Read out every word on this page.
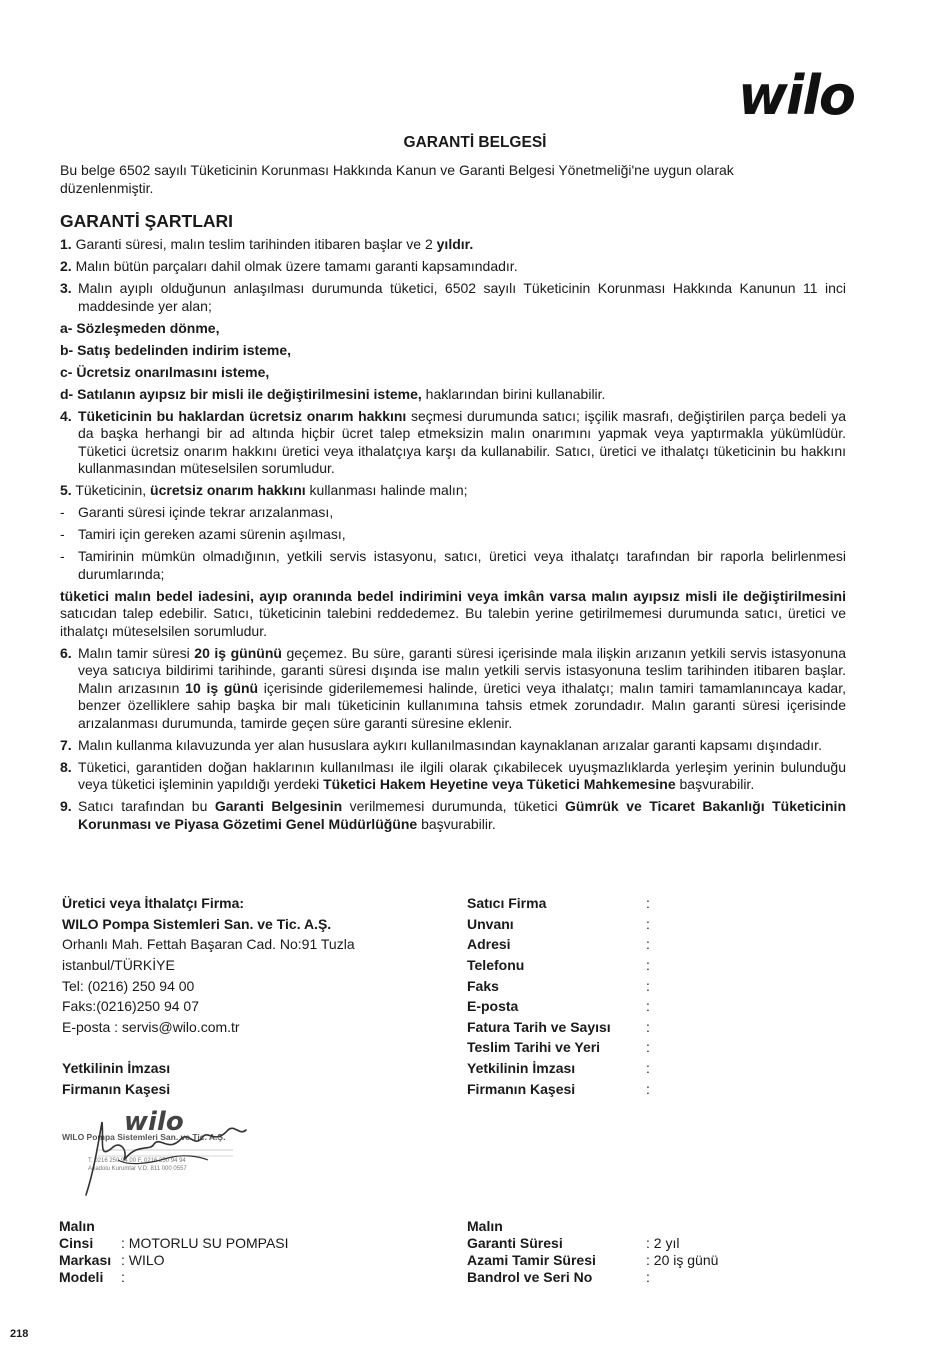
wilo
GARANTİ BELGESİ
Bu belge 6502 sayılı Tüketicinin Korunması Hakkında Kanun ve Garanti Belgesi Yönetmeliği'ne uygun olarak düzenlenmiştir.
GARANTİ ŞARTLARI

1. Garanti süresi, malın teslim tarihinden itibaren başlar ve 2 yıldır.

2. Malın bütün parçaları dahil olmak üzere tamamı garanti kapsamındadır.

3. Malın ayıplı olduğunun anlaşılması durumunda tüketici, 6502 sayılı Tüketicinin Korunması Hakkında Kanunun 11 inci maddesinde yer alan;

a- Sözleşmeden dönme,

b- Satış bedelinden indirim isteme,

c- Ücretsiz onarılmasını isteme,

d- Satılanın ayıpsız bir misli ile değiştirilmesini isteme, haklarından birini kullanabilir.

4. Tüketicinin bu haklardan ücretsiz onarım hakkını seçmesi durumunda satıcı; işçilik masrafı, değiştirilen parça bedeli ya da başka herhangi bir ad altında hiçbir ücret talep etmeksizin malın onarımını yapmak veya yaptırmakla yükümlüdür. Tüketici ücretsiz onarım hakkını üretici veya ithalatçıya karşı da kullanabilir. Satıcı, üretici ve ithalatçı tüketicinin bu hakkını kullanmasından müteselsilen sorumludur.

5. Tüketicinin, ücretsiz onarım hakkını kullanması halinde malın;

- Garanti süresi içinde tekrar arızalanması,
- Tamiri için gereken azami sürenin aşılması,
- Tamirinin mümkün olmadığının, yetkili servis istasyonu, satıcı, üretici veya ithalatçı tarafından bir raporla belirlenmesi durumlarında;

tüketici malın bedel iadesini, ayıp oranında bedel indirimini veya imkân varsa malın ayıpsız misli ile değiştirilmesini satıcıdan talep edebilir. Satıcı, tüketicinin talebini reddedemez. Bu talebin yerine getirilmemesi durumunda satıcı, üretici ve ithalatçı müteselsilen sorumludur.

6. Malın tamir süresi 20 iş gününü geçemez. Bu süre, garanti süresi içerisinde mala ilişkin arızanın yetkili servis istasyonuna veya satıcıya bildirimi tarihinde, garanti süresi dışında ise malın yetkili servis istasyonuna teslim tarihinden itibaren başlar. Malın arızasının 10 iş günü içerisinde giderilememesi halinde, üretici veya ithalatçı; malın tamiri tamamlanıncaya kadar, benzer özelliklere sahip başka bir malı tüketicinin kullanımına tahsis etmek zorundadır. Malın garanti süresi içerisinde arızalanması durumunda, tamirde geçen süre garanti süresine eklenir.
7. Malın kullanma kılavuzunda yer alan hususlara aykırı kullanılmasından kaynaklanan arızalar garanti kapsamı dışındadır.
8. Tüketici, garantiden doğan haklarının kullanılması ile ilgili olarak çıkabilecek uyuşmazlıklarda yerleşim yerinin bulunduğu veya tüketici işleminin yapıldığı yerdeki Tüketici Hakem Heyetine veya Tüketici Mahkemesine başvurabilir.
9. Satıcı tarafından bu Garanti Belgesinin verilmemesi durumunda, tüketici Gümrük ve Ticaret Bakanlığı Tüketicinin Korunması ve Piyasa Gözetimi Genel Müdürlüğüne başvurabilir.
Üretici veya İthalatçı Firma:
WILO Pompa Sistemleri San. ve Tic. A.Ş.
Orhanlı Mah. Fettah Başaran Cad. No:91 Tuzla
istanbul/TÜRKİYE
Tel: (0216) 250 94 00
Faks:(0216)250 94 07
E-posta : servis@wilo.com.tr

Yetkilinin İmzası
Firmanın Kaşesi
Satıcı Firma	:
Unvanı	:
Adresi	:
Telefonu	:
Faks	:
E-posta	:
Fatura Tarih ve Sayısı	:
Teslim Tarihi ve Yeri	:
Yetkilinin İmzası	:
Firmanın Kaşesi	:
wilo
WILO Pompa Sistemleri San. ve Tic. A.Ş.
T. 0216 250 94 00 F. 0216 250 94 94
Anadolu Kurumlar V.D. 811 000 0557
Malın	
Cinsi	: MOTORLU SU POMPASI
Markası	: WILO
Modeli	:
Malın	
Garanti Süresi	: 2 yıl
Azami Tamir Süresi	: 20 iş günü
Bandrol ve Seri No	:
218
